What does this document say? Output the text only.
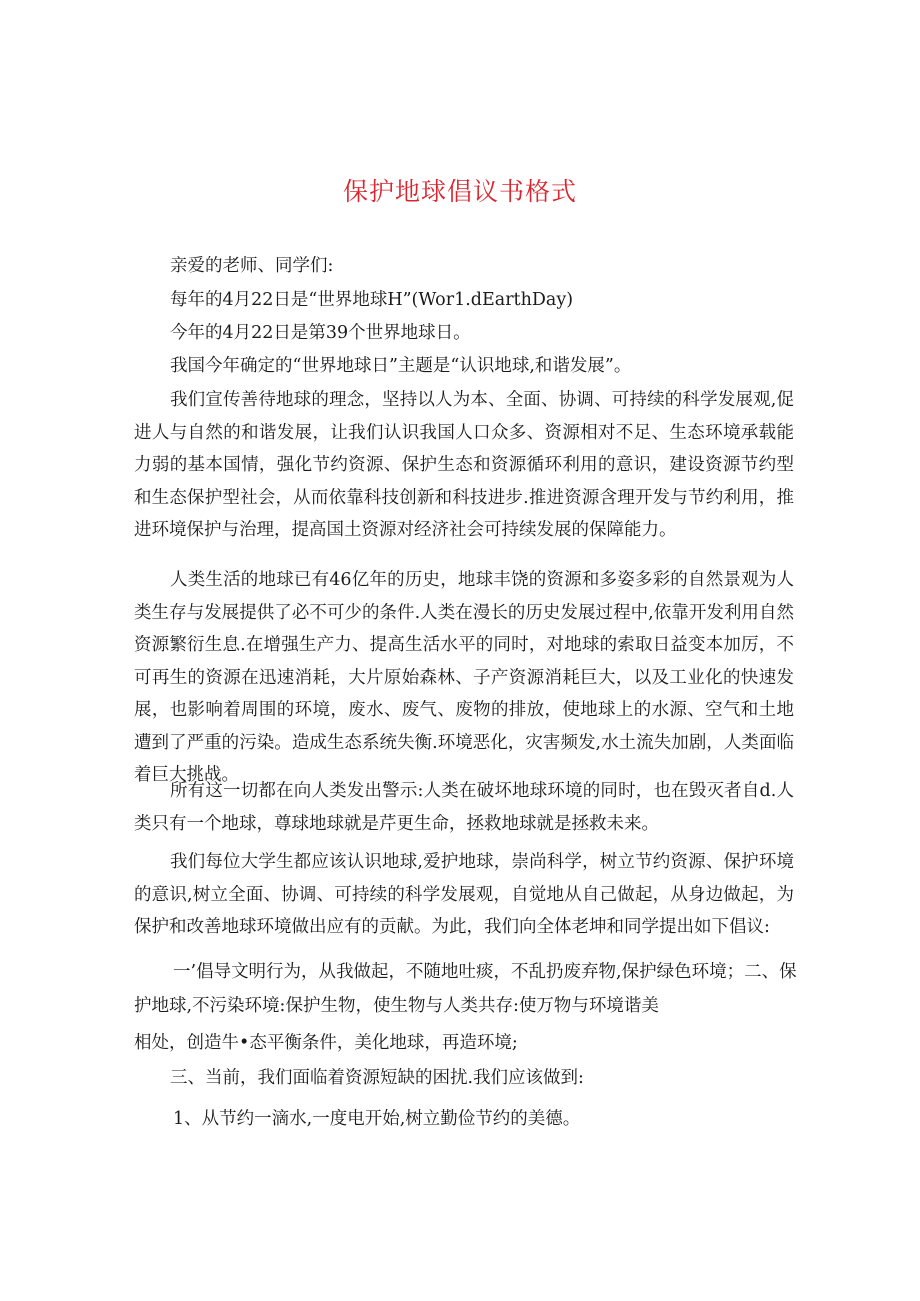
保护地球倡议书格式
亲爱的老师、同学们:
每年的4月22日是“世界地球H”(Wor1.dEarthDay)
今年的4月22日是第39个世界地球日。
我国今年确定的“世界地球日”主题是“认识地球,和谐发展”。
我们宣传善待地球的理念，坚持以人为本、全面、协调、可持续的科学发展观,促进人与自然的和谐发展，让我们认识我国人口众多、资源相对不足、生态环境承载能力弱的基本国情，强化节约资源、保护生态和资源循环利用的意识，建设资源节约型和生态保护型社会，从而依靠科技创新和科技进步.推进资源含理开发与节约利用，推进环境保护与治理，提高国土资源对经济社会可持续发展的保障能力。
人类生活的地球已有46亿年的历史，地球丰饶的资源和多姿多彩的自然景观为人类生存与发展提供了必不可少的条件.人类在漫长的历史发展过程中,依靠开发利用自然资源繁衍生息.在增强生产力、提高生活水平的同时，对地球的索取日益变本加厉，不可再生的资源在迅速消耗，大片原始森林、子产资源消耗巨大，以及工业化的快速发展，也影响着周围的环境，废水、废气、废物的排放，使地球上的水源、空气和土地遭到了严重的污染。造成生态系统失衡.环境恶化，灾害频发,水土流失加剧，人类面临着巨大挑战。
所有这一切都在向人类发出警示:人类在破坏地球环境的同时，也在毁灭者自d.人类只有一个地球，尊球地球就是芹更生命，拯救地球就是拯救未来。
我们每位大学生都应该认识地球,爱护地球，崇尚科学，树立节约资源、保护环境的意识,树立全面、协调、可持续的科学发展观，自觉地从自己做起，从身边做起，为保护和改善地球环境做出应有的贡献。为此，我们向全体老坤和同学提出如下倡议:
一’倡导文明行为，从我做起，不随地吐痰，不乱扔废弃物,保护绿色环境；二、保
护地球,不污染环境:保护生物，使生物与人类共存:使万物与环境谐美
相处，创造牛•态平衡条件，美化地球，再造环境;
三、当前，我们面临着资源短缺的困扰.我们应该做到:
1、从节约一滴水,一度电开始,树立勤俭节约的美德。
